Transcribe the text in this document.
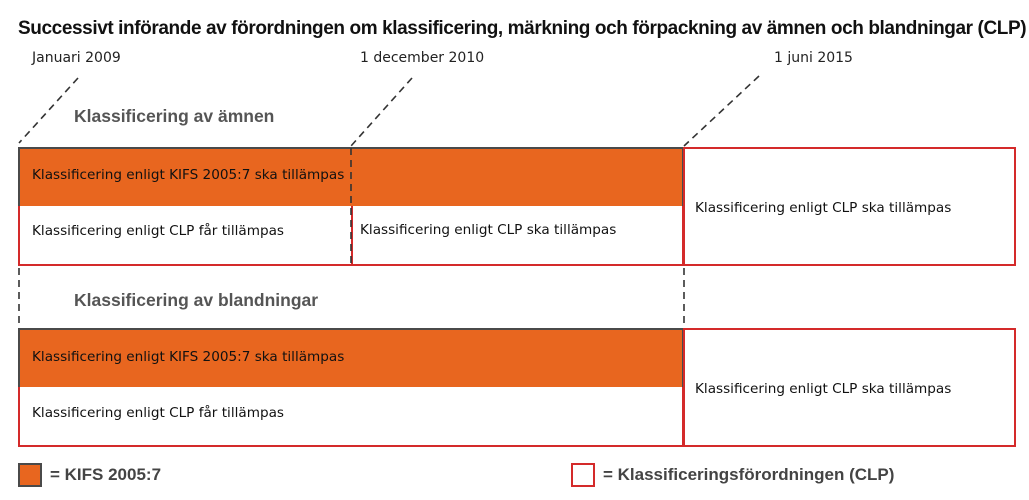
Successivt införande av förordningen om klassificering, märkning och förpackning av ämnen och blandningar (CLP)
Januari 2009	1 december 2010	1 juni 2015
Klassificering av ämnen
Klassificering av blandningar
Klassificering enligt KIFS 2005:7 ska tillämpas
Klassificering enligt CLP får tillämpas	Klassificering enligt CLP ska tillämpas
Klassificering enligt CLP ska tillämpas
Klassificering enligt KIFS 2005:7 ska tillämpas
Klassificering enligt CLP får tillämpas
Klassificering enligt CLP ska tillämpas
= KIFS 2005:7	= Klassificeringsförordningen (CLP)
